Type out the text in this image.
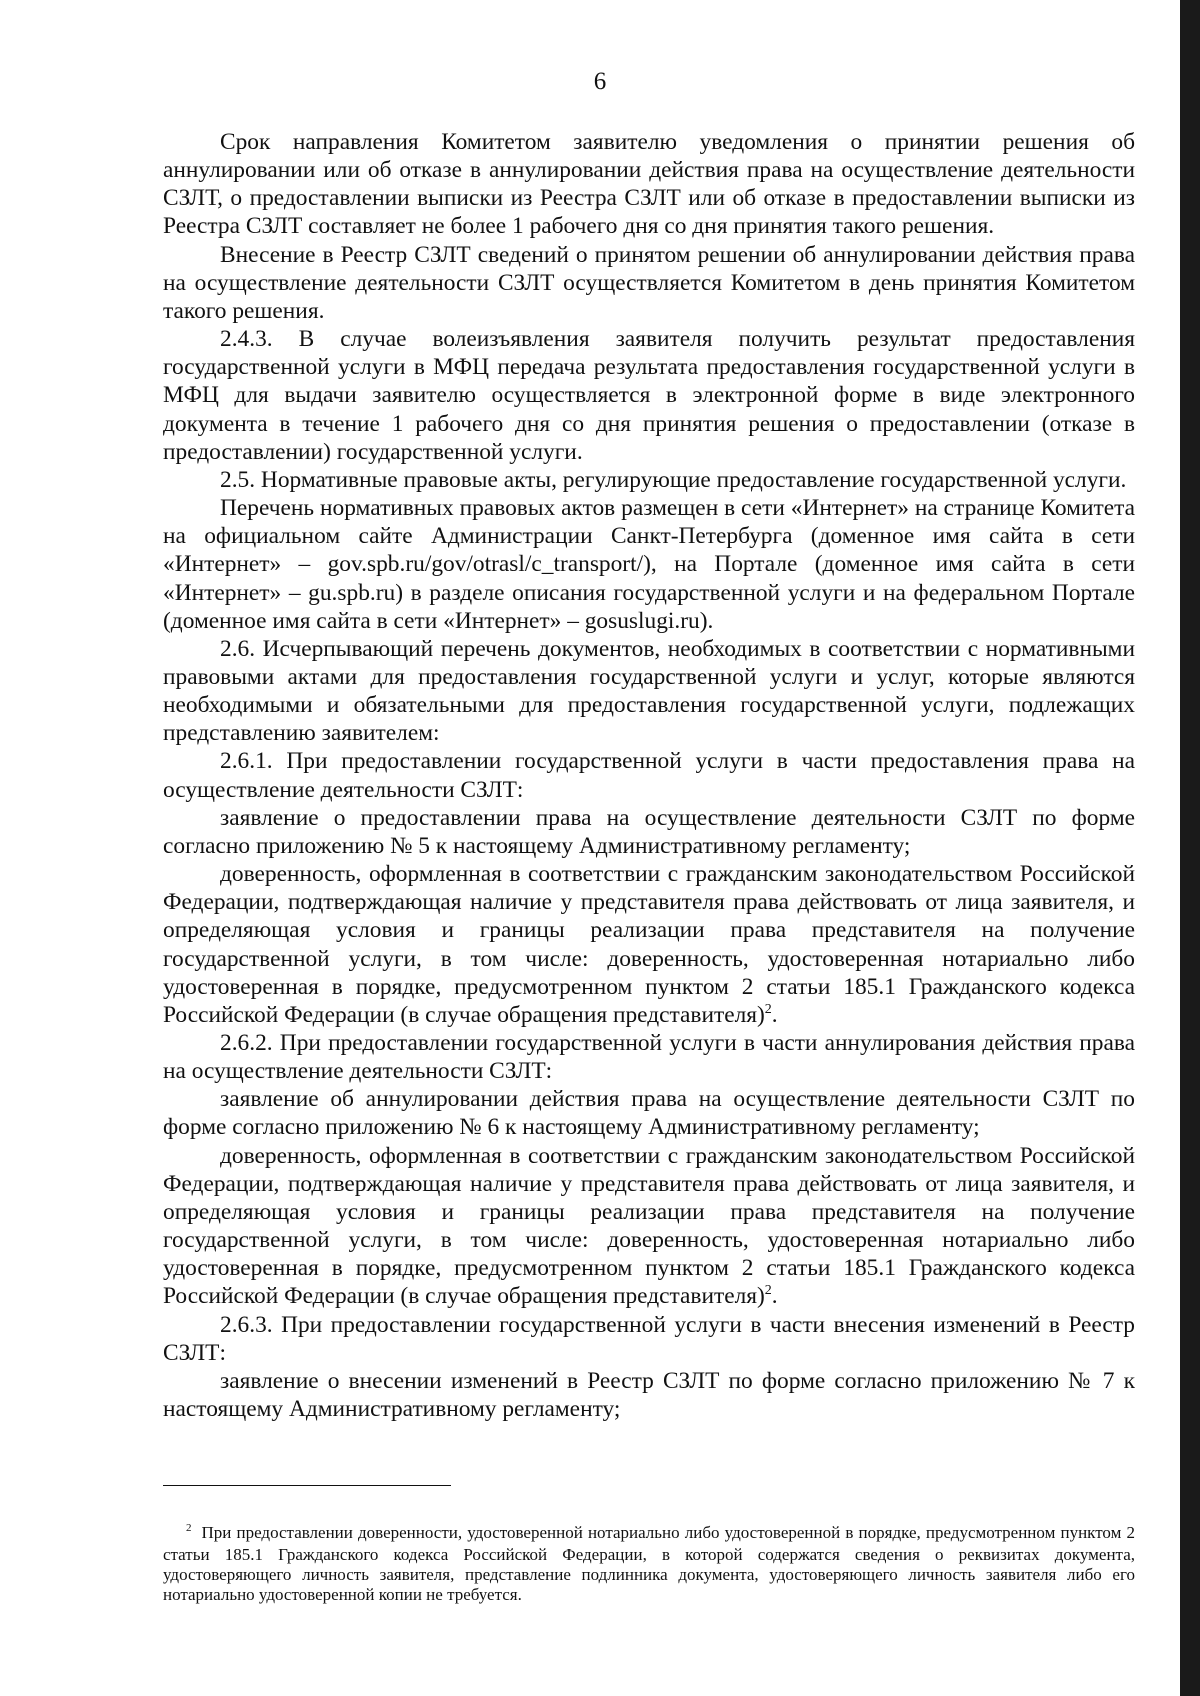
6

Срок направления Комитетом заявителю уведомления о принятии решения об аннулировании или об отказе в аннулировании действия права на осуществление деятельности СЗЛТ, о предоставлении выписки из Реестра СЗЛТ или об отказе в предоставлении выписки из Реестра СЗЛТ составляет не более 1 рабочего дня со дня принятия такого решения.

Внесение в Реестр СЗЛТ сведений о принятом решении об аннулировании действия права на осуществление деятельности СЗЛТ осуществляется Комитетом в день принятия Комитетом такого решения.

2.4.3. В случае волеизъявления заявителя получить результат предоставления государственной услуги в МФЦ передача результата предоставления государственной услуги в МФЦ для выдачи заявителю осуществляется в электронной форме в виде электронного документа в течение 1 рабочего дня со дня принятия решения о предоставлении (отказе в предоставлении) государственной услуги.

2.5. Нормативные правовые акты, регулирующие предоставление государственной услуги.

Перечень нормативных правовых актов размещен в сети «Интернет» на странице Комитета на официальном сайте Администрации Санкт-Петербурга (доменное имя сайта в сети «Интернет» – gov.spb.ru/gov/otrasl/c_transport/), на Портале (доменное имя сайта в сети «Интернет» – gu.spb.ru) в разделе описания государственной услуги и на федеральном Портале (доменное имя сайта в сети «Интернет» – gosuslugi.ru).

2.6. Исчерпывающий перечень документов, необходимых в соответствии с нормативными правовыми актами для предоставления государственной услуги и услуг, которые являются необходимыми и обязательными для предоставления государственной услуги, подлежащих представлению заявителем:

2.6.1. При предоставлении государственной услуги в части предоставления права на осуществление деятельности СЗЛТ:

заявление о предоставлении права на осуществление деятельности СЗЛТ по форме согласно приложению № 5 к настоящему Административному регламенту;

доверенность, оформленная в соответствии с гражданским законодательством Российской Федерации, подтверждающая наличие у представителя права действовать от лица заявителя, и определяющая условия и границы реализации права представителя на получение государственной услуги, в том числе: доверенность, удостоверенная нотариально либо удостоверенная в порядке, предусмотренном пунктом 2 статьи 185.1 Гражданского кодекса Российской Федерации (в случае обращения представителя)$^2$.

2.6.2. При предоставлении государственной услуги в части аннулирования действия права на осуществление деятельности СЗЛТ:

заявление об аннулировании действия права на осуществление деятельности СЗЛТ по форме согласно приложению № 6 к настоящему Административному регламенту;

доверенность, оформленная в соответствии с гражданским законодательством Российской Федерации, подтверждающая наличие у представителя права действовать от лица заявителя, и определяющая условия и границы реализации права представителя на получение государственной услуги, в том числе: доверенность, удостоверенная нотариально либо удостоверенная в порядке, предусмотренном пунктом 2 статьи 185.1 Гражданского кодекса Российской Федерации (в случае обращения представителя)$^2$.

2.6.3. При предоставлении государственной услуги в части внесения изменений в Реестр СЗЛТ:

заявление о внесении изменений в Реестр СЗЛТ по форме согласно приложению № 7 к настоящему Административному регламенту;

$^2$ При предоставлении доверенности, удостоверенной нотариально либо удостоверенной в порядке, предусмотренном пунктом 2 статьи 185.1 Гражданского кодекса Российской Федерации, в которой содержатся сведения о реквизитах документа, удостоверяющего личность заявителя, представление подлинника документа, удостоверяющего личность заявителя либо его нотариально удостоверенной копии не требуется.
